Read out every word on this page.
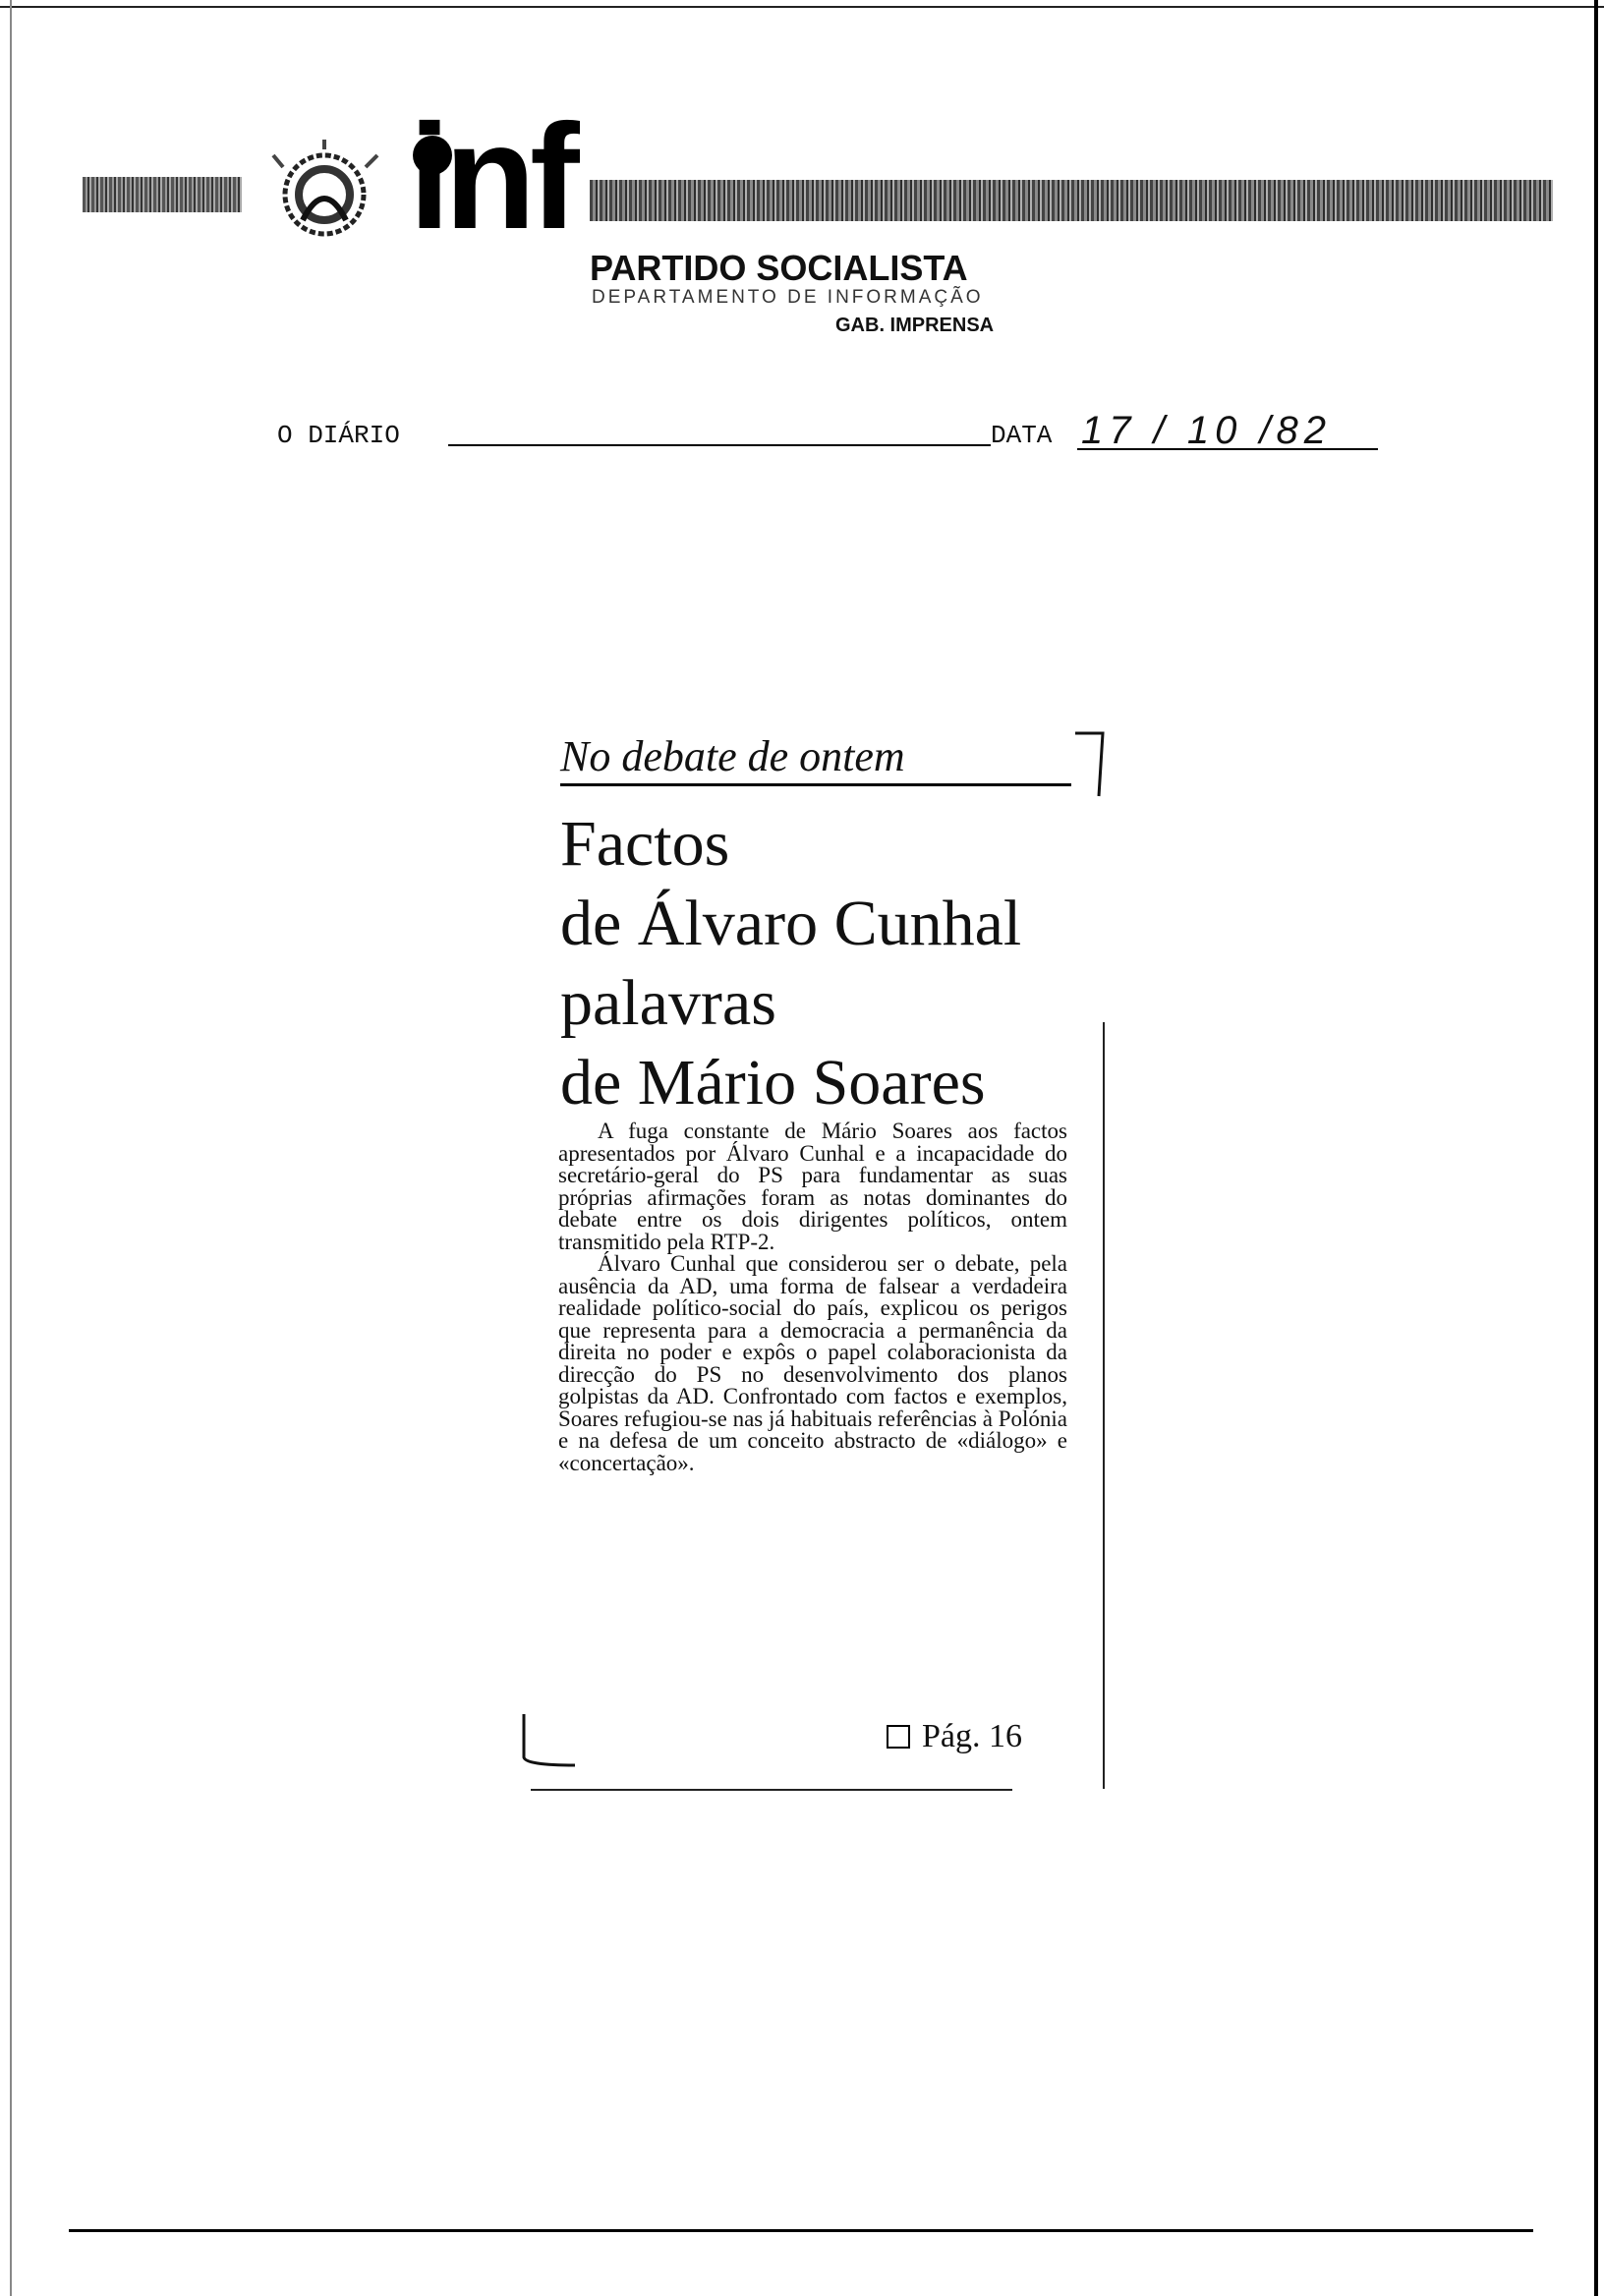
inf
PARTIDO SOCIALISTA
DEPARTAMENTO DE INFORMAÇÃO
GAB. IMPRENSA
O DIÁRIO	DATA 17 / 10 /82
No debate de ontem
Factos
de Álvaro Cunhal
palavras
de Mário Soares

A fuga constante de Mário Soares aos factos apresentados por Álvaro Cunhal e a incapacidade do secretário-geral do PS para fundamentar as suas próprias afirmações foram as notas dominantes do debate entre os dois dirigentes políticos, ontem transmitido pela RTP-2.

Álvaro Cunhal que considerou ser o debate, pela ausência da AD, uma forma de falsear a verdadeira realidade político-social do país, explicou os perigos que representa para a democracia a permanência da direita no poder e expôs o papel colaboracionista da direcção do PS no desenvolvimento dos planos golpistas da AD. Confrontado com factos e exemplos, Soares refugiou-se nas já habituais referências à Polónia e na defesa de um conceito abstracto de «diálogo» e «concertação».

Pág. 16
